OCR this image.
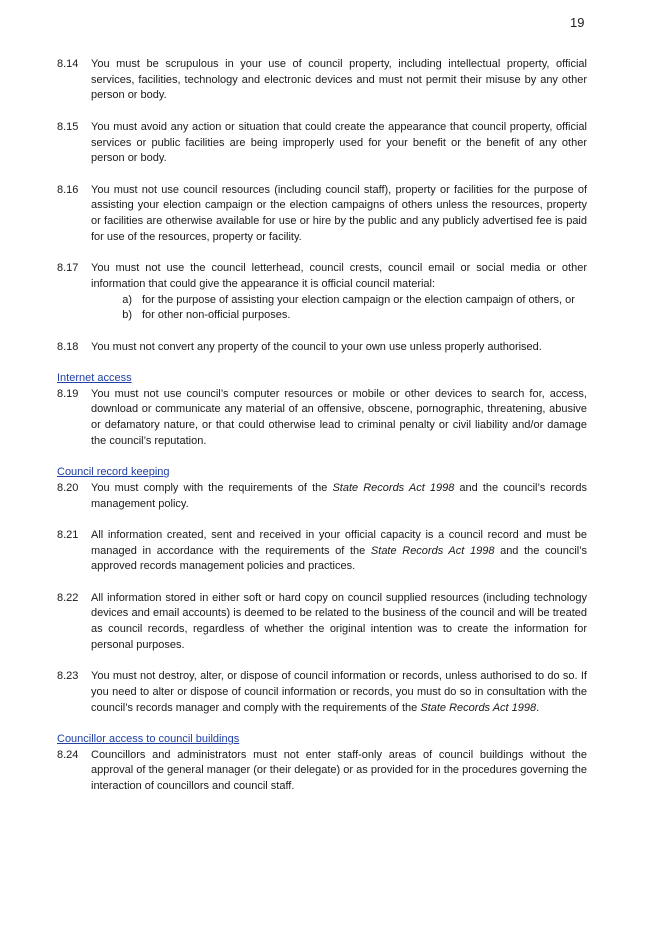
19
8.14	You must be scrupulous in your use of council property, including intellectual property, official services, facilities, technology and electronic devices and must not permit their misuse by any other person or body.
8.15	You must avoid any action or situation that could create the appearance that council property, official services or public facilities are being improperly used for your benefit or the benefit of any other person or body.
8.16	You must not use council resources (including council staff), property or facilities for the purpose of assisting your election campaign or the election campaigns of others unless the resources, property or facilities are otherwise available for use or hire by the public and any publicly advertised fee is paid for use of the resources, property or facility.
8.17	You must not use the council letterhead, council crests, council email or social media or other information that could give the appearance it is official council material:
a) for the purpose of assisting your election campaign or the election campaign of others, or
b) for other non-official purposes.
8.18	You must not convert any property of the council to your own use unless properly authorised.
Internet access
8.19	You must not use council’s computer resources or mobile or other devices to search for, access, download or communicate any material of an offensive, obscene, pornographic, threatening, abusive or defamatory nature, or that could otherwise lead to criminal penalty or civil liability and/or damage the council’s reputation.
Council record keeping
8.20	You must comply with the requirements of the State Records Act 1998 and the council’s records management policy.
8.21	All information created, sent and received in your official capacity is a council record and must be managed in accordance with the requirements of the State Records Act 1998 and the council’s approved records management policies and practices.
8.22	All information stored in either soft or hard copy on council supplied resources (including technology devices and email accounts) is deemed to be related to the business of the council and will be treated as council records, regardless of whether the original intention was to create the information for personal purposes.
8.23	You must not destroy, alter, or dispose of council information or records, unless authorised to do so. If you need to alter or dispose of council information or records, you must do so in consultation with the council’s records manager and comply with the requirements of the State Records Act 1998.
Councillor access to council buildings
8.24	Councillors and administrators must not enter staff-only areas of council buildings without the approval of the general manager (or their delegate) or as provided for in the procedures governing the interaction of councillors and council staff.
